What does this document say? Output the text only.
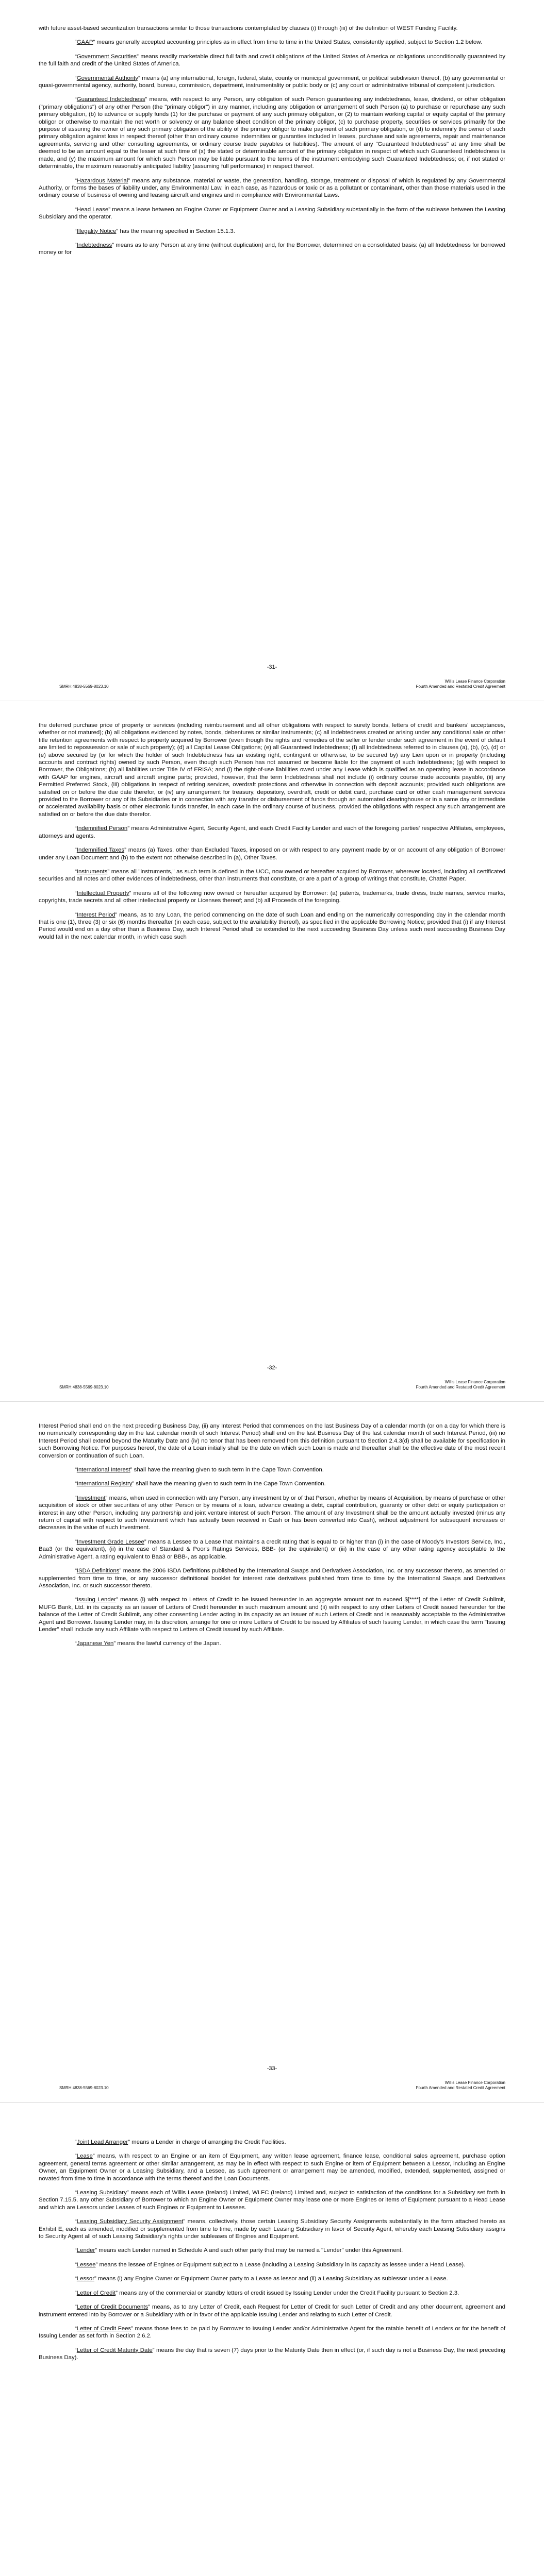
with future asset-based securitization transactions similar to those transactions contemplated by clauses (i) through (iii) of the definition of WEST Funding Facility.

“GAAP” means generally accepted accounting principles as in effect from time to time in the United States, consistently applied, subject to Section 1.2 below.

“Government Securities” means readily marketable direct full faith and credit obligations of the United States of America or obligations unconditionally guaranteed by the full faith and credit of the United States of America.

“Governmental Authority” means (a) any international, foreign, federal, state, county or municipal government, or political subdivision thereof, (b) any governmental or quasi-governmental agency, authority, board, bureau, commission, department, instrumentality or public body or (c) any court or administrative tribunal of competent jurisdiction.

“Guaranteed Indebtedness” means, with respect to any Person, any obligation of such Person guaranteeing any indebtedness, lease, dividend, or other obligation ("primary obligations") of any other Person (the "primary obligor") in any manner, including any obligation or arrangement of such Person (a) to purchase or repurchase any such primary obligation, (b) to advance or supply funds (1) for the purchase or payment of any such primary obligation, or (2) to maintain working capital or equity capital of the primary obligor or otherwise to maintain the net worth or solvency or any balance sheet condition of the primary obligor, (c) to purchase property, securities or services primarily for the purpose of assuring the owner of any such primary obligation of the ability of the primary obligor to make payment of such primary obligation, or (d) to indemnify the owner of such primary obligation against loss in respect thereof (other than ordinary course indemnities or guaranties included in leases, purchase and sale agreements, repair and maintenance agreements, servicing and other consulting agreements, or ordinary course trade payables or liabilities). The amount of any "Guaranteed Indebtedness" at any time shall be deemed to be an amount equal to the lesser at such time of (x) the stated or determinable amount of the primary obligation in respect of which such Guaranteed Indebtedness is made, and (y) the maximum amount for which such Person may be liable pursuant to the terms of the instrument embodying such Guaranteed Indebtedness; or, if not stated or determinable, the maximum reasonably anticipated liability (assuming full performance) in respect thereof.

“Hazardous Material” means any substance, material or waste, the generation, handling, storage, treatment or disposal of which is regulated by any Governmental Authority, or forms the bases of liability under, any Environmental Law, in each case, as hazardous or toxic or as a pollutant or contaminant, other than those materials used in the ordinary course of business of owning and leasing aircraft and engines and in compliance with Environmental Laws.

“Head Lease” means a lease between an Engine Owner or Equipment Owner and a Leasing Subsidiary substantially in the form of the sublease between the Leasing Subsidiary and the operator.

“Illegality Notice” has the meaning specified in Section 15.1.3.

“Indebtedness” means as to any Person at any time (without duplication) and, for the Borrower, determined on a consolidated basis: (a) all Indebtedness for borrowed money or for

-31-
SMRH:4838-5569-8023.10
Willis Lease Finance Corporation
Fourth Amended and Restated Credit Agreement

the deferred purchase price of property or services (including reimbursement and all other obligations with respect to surety bonds, letters of credit and bankers' acceptances, whether or not matured); (b) all obligations evidenced by notes, bonds, debentures or similar instruments; (c) all indebtedness created or arising under any conditional sale or other title retention agreements with respect to property acquired by Borrower (even though the rights and remedies of the seller or lender under such agreement in the event of default are limited to repossession or sale of such property); (d) all Capital Lease Obligations; (e) all Guaranteed Indebtedness; (f) all Indebtedness referred to in clauses (a), (b), (c), (d) or (e) above secured by (or for which the holder of such Indebtedness has an existing right, contingent or otherwise, to be secured by) any Lien upon or in property (including accounts and contract rights) owned by such Person, even though such Person has not assumed or become liable for the payment of such Indebtedness; (g) with respect to Borrower, the Obligations; (h) all liabilities under Title IV of ERISA; and (i) the right-of-use liabilities owed under any Lease which is qualified as an operating lease in accordance with GAAP for engines, aircraft and aircraft engine parts; provided, however, that the term Indebtedness shall not include (i) ordinary course trade accounts payable, (ii) any Permitted Preferred Stock, (iii) obligations in respect of retiring services, overdraft protections and otherwise in connection with deposit accounts; provided such obligations are satisfied on or before the due date therefor, or (iv) any arrangement for treasury, depository, overdraft, credit or debit card, purchase card or other cash management services provided to the Borrower or any of its Subsidiaries or in connection with any transfer or disbursement of funds through an automated clearinghouse or in a same day or immediate or accelerated availability basis or other electronic funds transfer, in each case in the ordinary course of business, provided the obligations with respect any such arrangement are satisfied on or before the due date therefor.

“Indemnified Person” means Administrative Agent, Security Agent, and each Credit Facility Lender and each of the foregoing parties' respective Affiliates, employees, attorneys and agents.

“Indemnified Taxes” means (a) Taxes, other than Excluded Taxes, imposed on or with respect to any payment made by or on account of any obligation of Borrower under any Loan Document and (b) to the extent not otherwise described in (a), Other Taxes.

“Instruments” means all "instruments," as such term is defined in the UCC, now owned or hereafter acquired by Borrower, wherever located, including all certificated securities and all notes and other evidences of indebtedness, other than instruments that constitute, or are a part of a group of writings that constitute, Chattel Paper.

“Intellectual Property” means all of the following now owned or hereafter acquired by Borrower: (a) patents, trademarks, trade dress, trade names, service marks, copyrights, trade secrets and all other intellectual property or Licenses thereof; and (b) all Proceeds of the foregoing.

“Interest Period” means, as to any Loan, the period commencing on the date of such Loan and ending on the numerically corresponding day in the calendar month that is one (1), three (3) or six (6) months thereafter (in each case, subject to the availability thereof), as specified in the applicable Borrowing Notice; provided that (i) if any Interest Period would end on a day other than a Business Day, such Interest Period shall be extended to the next succeeding Business Day unless such next succeeding Business Day would fall in the next calendar month, in which case such

-32-
SMRH:4838-5569-8023.10
Willis Lease Finance Corporation
Fourth Amended and Restated Credit Agreement

Interest Period shall end on the next preceding Business Day, (ii) any Interest Period that commences on the last Business Day of a calendar month (or on a day for which there is no numerically corresponding day in the last calendar month of such Interest Period) shall end on the last Business Day of the last calendar month of such Interest Period, (iii) no Interest Period shall extend beyond the Maturity Date and (iv) no tenor that has been removed from this definition pursuant to Section 2.4.3(d) shall be available for specification in such Borrowing Notice. For purposes hereof, the date of a Loan initially shall be the date on which such Loan is made and thereafter shall be the effective date of the most recent conversion or continuation of such Loan.

“International Interest” shall have the meaning given to such term in the Cape Town Convention.

“International Registry” shall have the meaning given to such term in the Cape Town Convention.

“Investment” means, when used in connection with any Person, any investment by or of that Person, whether by means of Acquisition, by means of purchase or other acquisition of stock or other securities of any other Person or by means of a loan, advance creating a debt, capital contribution, guaranty or other debt or equity participation or interest in any other Person, including any partnership and joint venture interest of such Person. The amount of any Investment shall be the amount actually invested (minus any return of capital with respect to such Investment which has actually been received in Cash or has been converted into Cash), without adjustment for subsequent increases or decreases in the value of such Investment.

“Investment Grade Lessee” means a Lessee to a Lease that maintains a credit rating that is equal to or higher than (i) in the case of Moody's Investors Service, Inc., Baa3 (or the equivalent), (ii) in the case of Standard & Poor's Ratings Services, BBB- (or the equivalent) or (iii) in the case of any other rating agency acceptable to the Administrative Agent, a rating equivalent to Baa3 or BBB-, as applicable.

“ISDA Definitions” means the 2006 ISDA Definitions published by the International Swaps and Derivatives Association, Inc. or any successor thereto, as amended or supplemented from time to time, or any successor definitional booklet for interest rate derivatives published from time to time by the International Swaps and Derivatives Association, Inc. or such successor thereto.

“Issuing Lender” means (i) with respect to Letters of Credit to be issued hereunder in an aggregate amount not to exceed $[****] of the Letter of Credit Sublimit, MUFG Bank, Ltd. in its capacity as an issuer of Letters of Credit hereunder in such maximum amount and (ii) with respect to any other Letters of Credit issued hereunder for the balance of the Letter of Credit Sublimit, any other consenting Lender acting in its capacity as an issuer of such Letters of Credit and is reasonably acceptable to the Administrative Agent and Borrower. Issuing Lender may, in its discretion, arrange for one or more Letters of Credit to be issued by Affiliates of such Issuing Lender, in which case the term "Issuing Lender" shall include any such Affiliate with respect to Letters of Credit issued by such Affiliate.

“Japanese Yen” means the lawful currency of the Japan.

-33-
SMRH:4838-5569-8023.10
Willis Lease Finance Corporation
Fourth Amended and Restated Credit Agreement

“Joint Lead Arranger” means a Lender in charge of arranging the Credit Facilities.

“Lease” means, with respect to an Engine or an item of Equipment, any written lease agreement, finance lease, conditional sales agreement, purchase option agreement, general terms agreement or other similar arrangement, as may be in effect with respect to such Engine or item of Equipment between a Lessor, including an Engine Owner, an Equipment Owner or a Leasing Subsidiary, and a Lessee, as such agreement or arrangement may be amended, modified, extended, supplemented, assigned or novated from time to time in accordance with the terms thereof and the Loan Documents.

“Leasing Subsidiary” means each of Willis Lease (Ireland) Limited, WLFC (Ireland) Limited and, subject to satisfaction of the conditions for a Subsidiary set forth in Section 7.15.5, any other Subsidiary of Borrower to which an Engine Owner or Equipment Owner may lease one or more Engines or items of Equipment pursuant to a Head Lease and which are Lessors under Leases of such Engines or Equipment to Lessees.

“Leasing Subsidiary Security Assignment” means, collectively, those certain Leasing Subsidiary Security Assignments substantially in the form attached hereto as Exhibit E, each as amended, modified or supplemented from time to time, made by each Leasing Subsidiary in favor of Security Agent, whereby each Leasing Subsidiary assigns to Security Agent all of such Leasing Subsidiary's rights under subleases of Engines and Equipment.

“Lender” means each Lender named in Schedule A and each other party that may be named a "Lender" under this Agreement.

“Lessee” means the lessee of Engines or Equipment subject to a Lease (including a Leasing Subsidiary in its capacity as lessee under a Head Lease).

“Lessor” means (i) any Engine Owner or Equipment Owner party to a Lease as lessor and (ii) a Leasing Subsidiary as sublessor under a Lease.

“Letter of Credit” means any of the commercial or standby letters of credit issued by Issuing Lender under the Credit Facility pursuant to Section 2.3.

“Letter of Credit Documents” means, as to any Letter of Credit, each Request for Letter of Credit for such Letter of Credit and any other document, agreement and instrument entered into by Borrower or a Subsidiary with or in favor of the applicable Issuing Lender and relating to such Letter of Credit.

“Letter of Credit Fees” means those fees to be paid by Borrower to Issuing Lender and/or Administrative Agent for the ratable benefit of Lenders or for the benefit of Issuing Lender as set forth in Section 2.6.2.

“Letter of Credit Maturity Date” means the day that is seven (7) days prior to the Maturity Date then in effect (or, if such day is not a Business Day, the next preceding Business Day).
